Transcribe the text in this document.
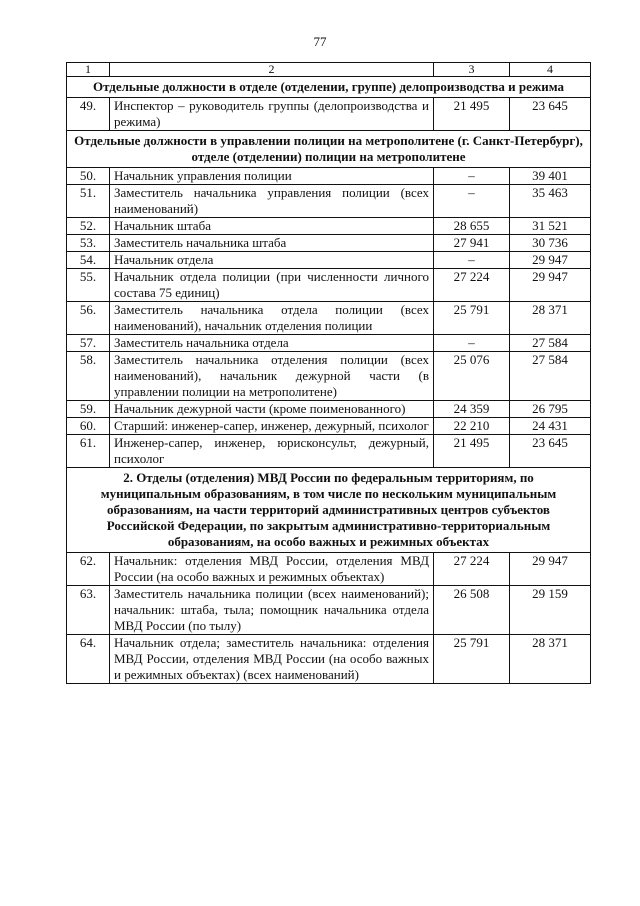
77
1	2	3	4
Отдельные должности в отделе (отделении, группе) делопроизводства и режима			
49.	Инспектор – руководитель группы (делопроизводства и режима)	21 495	23 645
Отдельные должности в управлении полиции на метрополитене (г. Санкт-Петербург), отделе (отделении) полиции на метрополитене			
50.	Начальник управления полиции	–	39 401
51.	Заместитель начальника управления полиции (всех наименований)	–	35 463
52.	Начальник штаба	28 655	31 521
53.	Заместитель начальника штаба	27 941	30 736
54.	Начальник отдела	–	29 947
55.	Начальник отдела полиции (при численности личного состава 75 единиц)	27 224	29 947
56.	Заместитель начальника отдела полиции (всех наименований), начальник отделения полиции	25 791	28 371
57.	Заместитель начальника отдела	–	27 584
58.	Заместитель начальника отделения полиции (всех наименований), начальник дежурной части (в управлении полиции на метрополитене)	25 076	27 584
59.	Начальник дежурной части (кроме поименованного)	24 359	26 795
60.	Старший: инженер-сапер, инженер, дежурный, психолог	22 210	24 431
61.	Инженер-сапер, инженер, юрисконсульт, дежурный, психолог	21 495	23 645
2. Отделы (отделения) МВД России по федеральным территориям, по муниципальным образованиям, в том числе по нескольким муниципальным образованиям, на части территорий административных центров субъектов Российской Федерации, по закрытым административно-территориальным образованиям, на особо важных и режимных объектах			
62.	Начальник: отделения МВД России, отделения МВД России (на особо важных и режимных объектах)	27 224	29 947
63.	Заместитель начальника полиции (всех наименований); начальник: штаба, тыла; помощник начальника отдела МВД России (по тылу)	26 508	29 159
64.	Начальник отдела; заместитель начальника: отделения МВД России, отделения МВД России (на особо важных и режимных объектах) (всех наименований)	25 791	28 371
